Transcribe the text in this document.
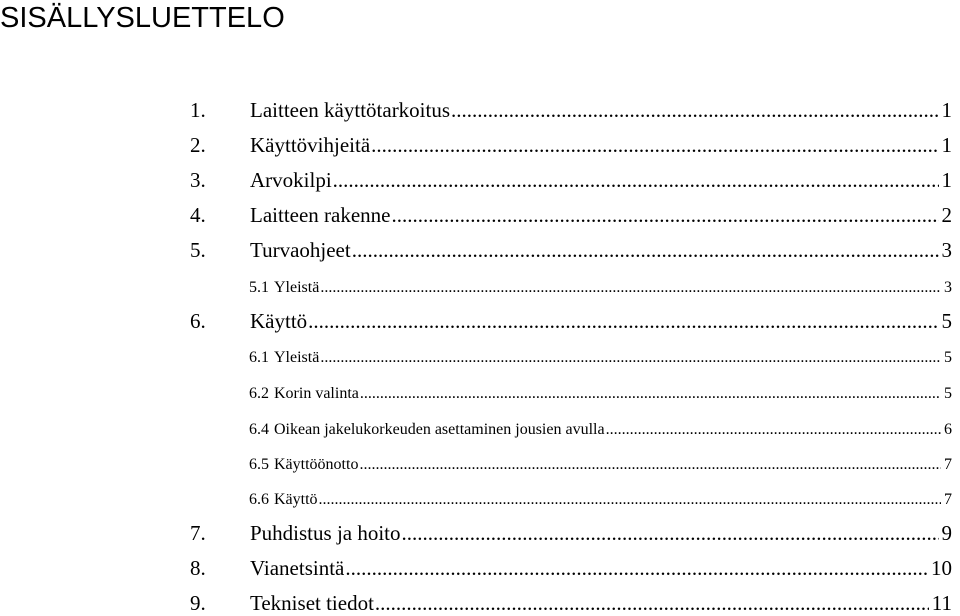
SISÄLLYSLUETTELO
1.	Laitteen käyttötarkoitus .....	1
2.	Käyttövihjeitä .....	1
3.	Arvokilpi .....	1
4.	Laitteen rakenne .....	2
5.	Turvaohjeet .....	3
5.1 Yleistä .....	3
6.	Käyttö .....	5
6.1 Yleistä .....	5
6.2 Korin valinta .....	5
6.4 Oikean jakelukorkeuden asettaminen jousien avulla .....	6
6.5 Käyttöönotto .....	7
6.6 Käyttö .....	7
7.	Puhdistus ja hoito .....	9
8.	Vianetsintä .....	10
9.	Tekniset tiedot .....	11
